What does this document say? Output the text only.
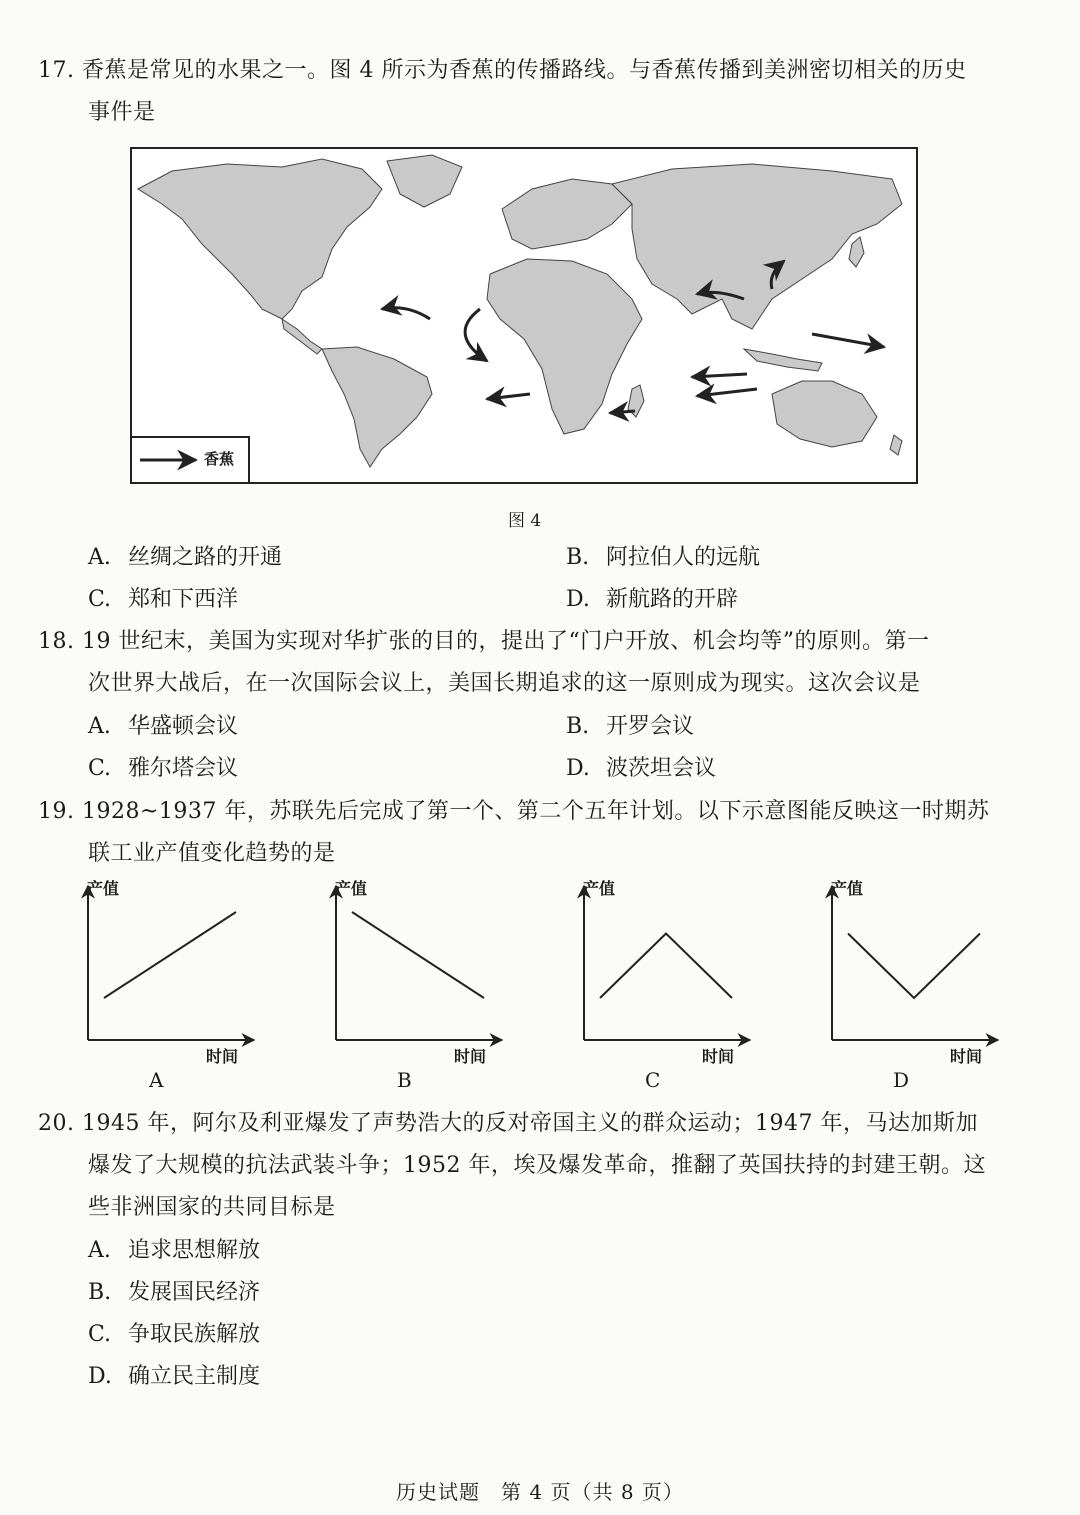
17. 香蕉是常见的水果之一。图 4 所示为香蕉的传播路线。与香蕉传播到美洲密切相关的历史
事件是
香蕉
图 4
A. 丝绸之路的开通	B. 阿拉伯人的远航
C. 郑和下西洋	D. 新航路的开辟
18. 19 世纪末，美国为实现对华扩张的目的，提出了“门户开放、机会均等”的原则。第一
次世界大战后，在一次国际会议上，美国长期追求的这一原则成为现实。这次会议是
A. 华盛顿会议	B. 开罗会议
C. 雅尔塔会议	D. 波茨坦会议
19. 1928~1937 年，苏联先后完成了第一个、第二个五年计划。以下示意图能反映这一时期苏
联工业产值变化趋势的是
产值
时间
A
产值
时间
B
产值
时间
C
产值
时间
D
20. 1945 年，阿尔及利亚爆发了声势浩大的反对帝国主义的群众运动；1947 年，马达加斯加
爆发了大规模的抗法武装斗争；1952 年，埃及爆发革命，推翻了英国扶持的封建王朝。这
些非洲国家的共同目标是
A. 追求思想解放
B. 发展国民经济
C. 争取民族解放
D. 确立民主制度
历史试题　第 4 页（共 8 页）
